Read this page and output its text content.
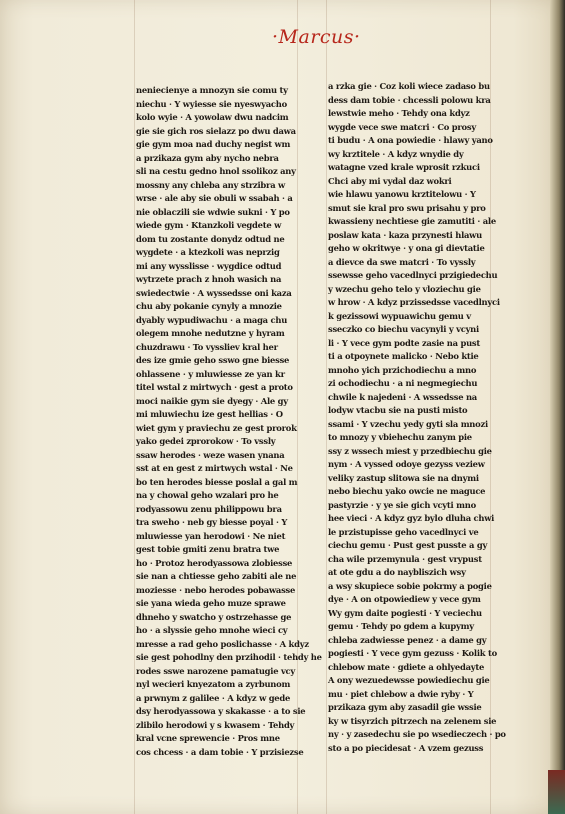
·Marcus·
neniecienye a mnozyn sie comu ty
niechu · Y wyiesse sie nyeswyacho
kolo wyie · A yowolaw dwu nadcim
gie sie gich ros sielazz po dwu dawa
gie gym moa nad duchy negist wm
a przikaza gym aby nycho nebra
sli na cestu gedno hnol ssolikoz any
mossny any chleba any strzibra w
wrse · ale aby sie obuli w ssabah · a
nie oblaczili sie wdwie sukni · Y po
wiede gym · Ktanzkoli vegdete w
dom tu zostante donydz odtud ne
wygdete · a ktezkoli was neprzig
mi any wysslisse · wygdice odtud
wytrzete prach z hnoh wasich na
swiedectwie · A wyssedsse oni kaza
chu aby pokanie cynyly a mnozie
dyably wypudiwachu · a maga chu
olegem mnohe nedutzne y hyram
chuzdrawu · To vyssliev kral her
des ize gmie geho sswo gne biesse
ohlassene · y mluwiesse ze yan kr
titel wstal z mirtwych · gest a proto
moci naikie gym sie dyegy · Ale gy
mi mluwiechu ize gest hellias · O
wiet gym y praviechu ze gest prorok
yako gedei zprorokow · To vssly
ssaw herodes · weze wasen ynana
sst at en gest z mirtwych wstal · Ne
bo ten herodes biesse poslal a gal m
na y chowal geho wzalari pro he
rodyassowu zenu philippowu bra
tra sweho · neb gy biesse poyal · Y
mluwiesse yan herodowi · Ne niet
gest tobie gmiti zenu bratra twe
ho · Protoz herodyassowa zlobiesse
sie nan a chtiesse geho zabiti ale ne
moziesse · nebo herodes pobawasse
sie yana wieda geho muze sprawe
dhneho y swatcho y ostrzehasse ge
ho · a slyssie geho mnohe wieci cy
mresse a rad geho poslichasse · A kdyz
sie gest pohodlny den przihodil · tehdy he
rodes sswe narozene pamatugie vcy
nyl wecieri knyezatom a zyrbunom
a prwnym z galilee · A kdyz w gede
dsy herodyassowa y skakasse · a to sie
zlibilo herodowi y s kwasem · Tehdy
kral vcne sprewencie · Pros mne
cos chcess · a dam tobie · Y przisiezse
a rzka gie · Coz koli wiece zadaso bu
dess dam tobie · chcessli polowu kra
lewstwie meho · Tehdy ona kdyz
wygde vece swe matcri · Co prosy
ti budu · A ona powiedie · hlawy yano
wy krztitele · A kdyz wnydie dy
watagne vzed krale wprosit rzkuci
Chci aby mi vydal daz wokri
wie hlawu yanowu krztitelowu · Y
smut sie kral pro swu prisahu y pro
kwassieny nechtiese gie zamutiti · ale
poslaw kata · kaza przynesti hlawu
geho w okritwye · y ona gi dievtatie
a dievce da swe matcri · To vyssly
ssewsse geho vacedlnyci przigiedechu
y wzechu geho telo y vloziechu gie
w hrow · A kdyz przissedsse vacedlnyci
k gezissowi wypuawichu gemu v
sseczko co biechu vacynyli y vcyni
li · Y vece gym podte zasie na pust
ti a otpoynete malicko · Nebo ktie
mnoho yich przichodiechu a mno
zi ochodiechu · a ni negmegiechu
chwile k najedeni · A wssedsse na
lodyw vtacbu sie na pusti misto
ssami · Y vzechu yedy gyti sla mnozi
to mnozy y vbiehechu zanym pie
ssy z wssech miest y przedbiechu gie
nym · A vyssed odoye gezyss veziew
veliky zastup slitowa sie na dnymi
nebo biechu yako owcie ne maguce
pastyrzie · y ye sie gich vcyti mno
hee vieci · A kdyz gyz bylo dluha chwi
le przistupisse geho vacedlnyci ve
ciechu gemu · Pust gest pusste a gy
cha wile przemynula · gest vrypust
at ote gdu a do naybliszich wsy
a wsy skupiece sobie pokrmy a pogie
dye · A on otpowiediew y vece gym
Wy gym daite pogiesti · Y veciechu
gemu · Tehdy po gdem a kupymy
chleba zadwiesse penez · a dame gy
pogiesti · Y vece gym gezuss · Kolik to
chlebow mate · gdiete a ohlyedayte
A ony wezuedewsse powiediechu gie
mu · piet chlebow a dwie ryby · Y
przikaza gym aby zasadil gie wssie
ky w tisyrzich pitrzech na zelenem sie
ny · y zasedechu sie po wsedieczech · po
sto a po piecidesat · A vzem gezuss
